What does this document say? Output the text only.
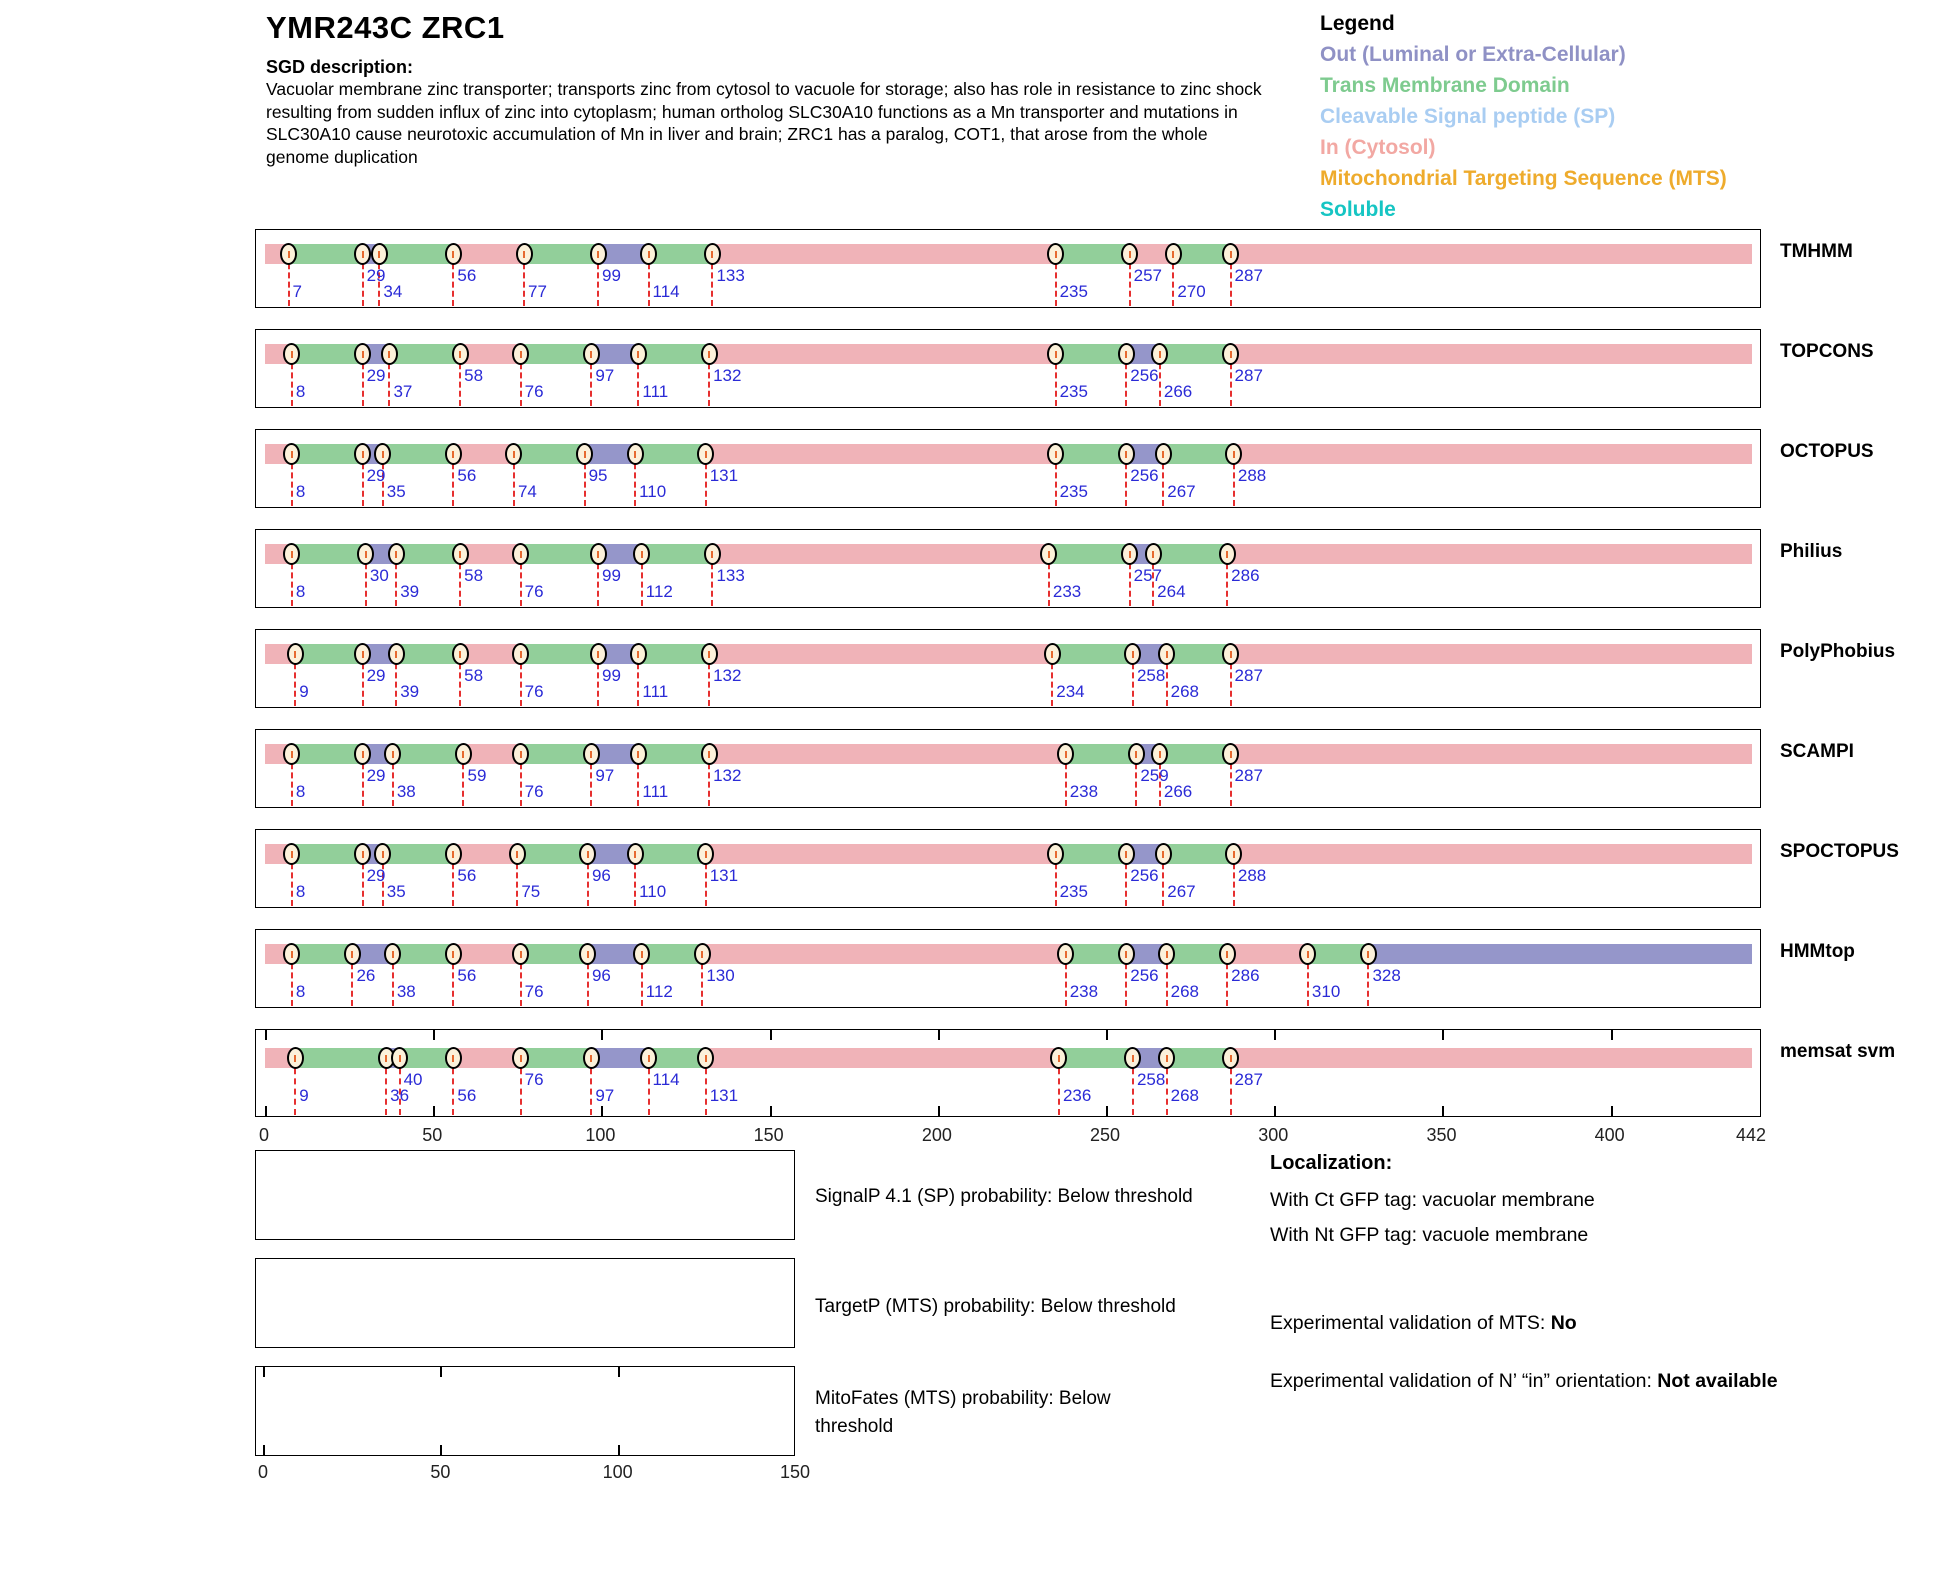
YMR243C ZRC1
SGD description:
Vacuolar membrane zinc transporter; transports zinc from cytosol to vacuole for storage; also has role in resistance to zinc shock resulting from sudden influx of zinc into cytoplasm; human ortholog SLC30A10 functions as a Mn transporter and mutations in SLC30A10 cause neurotoxic accumulation of Mn in liver and brain; ZRC1 has a paralog, COT1, that arose from the whole genome duplication
Legend
Out (Luminal or Extra-Cellular)
Trans Membrane Domain
Cleavable Signal peptide (SP)
In (Cytosol)
Mitochondrial Targeting Sequence (MTS)
Soluble
7
29
34
56
77
99
114
133
235
257
270
287
TMHMM
8
29
37
58
76
97
111
132
235
256
266
287
TOPCONS
8
29
35
56
74
95
110
131
235
256
267
288
OCTOPUS
8
30
39
58
76
99
112
133
233
257
264
286
Philius
9
29
39
58
76
99
111
132
234
258
268
287
PolyPhobius
8
29
38
59
76
97
111
132
238
259
266
287
SCAMPI
8
29
35
56
75
96
110
131
235
256
267
288
SPOCTOPUS
8
26
38
56
76
96
112
130
238
256
268
286
310
328
HMMtop
9	36
40
56
76
97
114
131	236
258
268
287
memsat svm
0	50	100	150	200	250	300	350	400	442
SignalP 4.1 (SP) probability: Below threshold
TargetP (MTS) probability: Below threshold
MitoFates (MTS) probability: Below threshold
0	50	100	150
Localization:
With Ct GFP tag: vacuolar membrane
With Nt GFP tag: vacuole membrane
Experimental validation of MTS: No
Experimental validation of N’ “in” orientation: Not available
